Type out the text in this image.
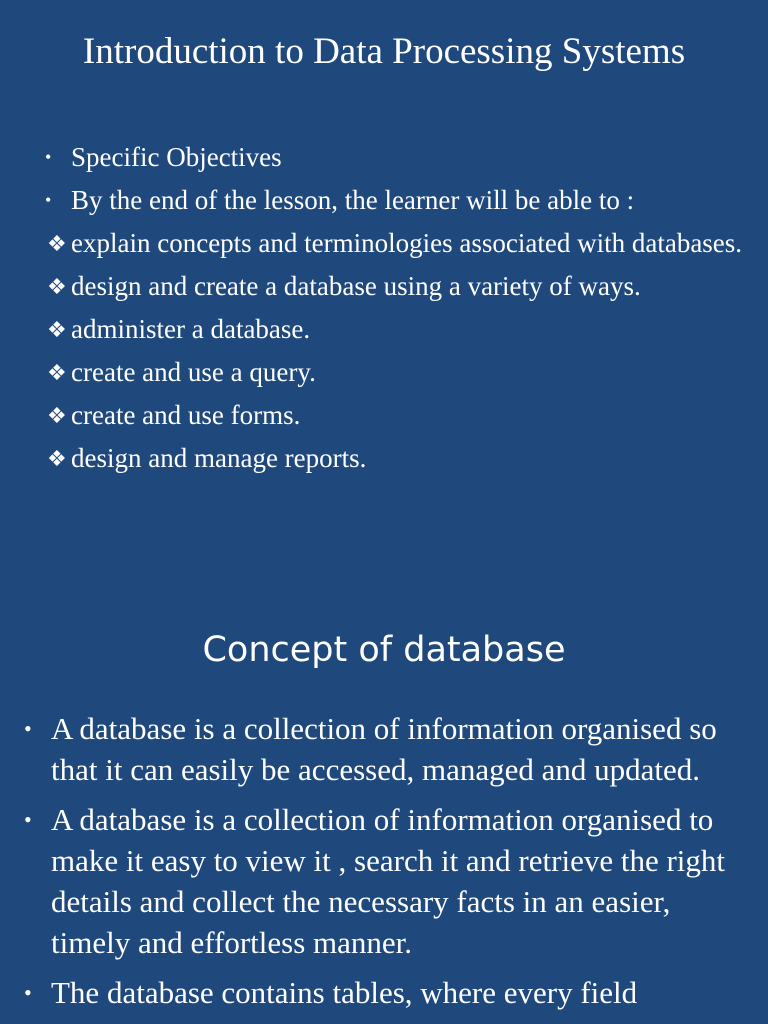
Introduction to Data Processing Systems
• Specific Objectives
• By the end of the lesson, the learner will be able to :
❖ explain concepts and terminologies associated with databases.
❖ design and create a database using a variety of ways.
❖ administer a database.
❖ create and use a query.
❖ create and use forms.
❖ design and manage reports.
Concept of database
• A database is a collection of information organised so that it can easily be accessed, managed and updated.
• A database is a collection of information organised to make it easy to view it , search it and retrieve the right details and collect the necessary facts in an easier, timely and effortless manner.
• The database contains tables, where every field
